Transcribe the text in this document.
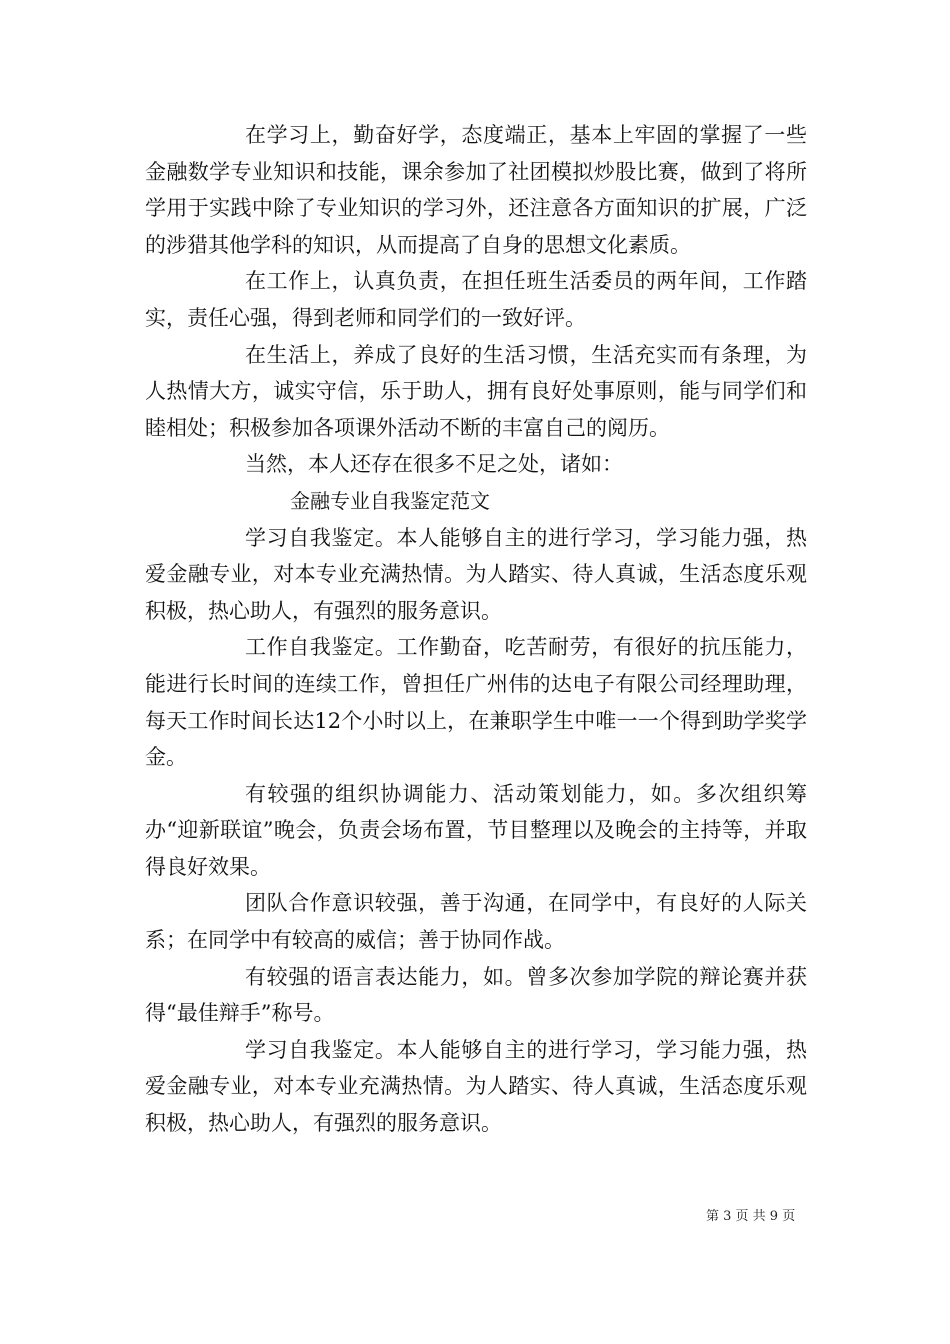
在学习上，勤奋好学，态度端正，基本上牢固的掌握了一些金融数学专业知识和技能，课余参加了社团模拟炒股比赛，做到了将所学用于实践中除了专业知识的学习外，还注意各方面知识的扩展，广泛的涉猎其他学科的知识，从而提高了自身的思想文化素质。

在工作上，认真负责，在担任班生活委员的两年间，工作踏实，责任心强，得到老师和同学们的一致好评。

在生活上，养成了良好的生活习惯，生活充实而有条理，为人热情大方，诚实守信，乐于助人，拥有良好处事原则，能与同学们和睦相处；积极参加各项课外活动不断的丰富自己的阅历。

当然，本人还存在很多不足之处，诸如：

金融专业自我鉴定范文

学习自我鉴定。本人能够自主的进行学习，学习能力强，热爱金融专业，对本专业充满热情。为人踏实、待人真诚，生活态度乐观积极，热心助人，有强烈的服务意识。

工作自我鉴定。工作勤奋，吃苦耐劳，有很好的抗压能力，能进行长时间的连续工作，曾担任广州伟的达电子有限公司经理助理，每天工作时间长达12个小时以上，在兼职学生中唯一一个得到助学奖学金。

有较强的组织协调能力、活动策划能力，如。多次组织筹办“迎新联谊”晚会，负责会场布置，节目整理以及晚会的主持等，并取得良好效果。

团队合作意识较强，善于沟通，在同学中，有良好的人际关系；在同学中有较高的威信；善于协同作战。

有较强的语言表达能力，如。曾多次参加学院的辩论赛并获得“最佳辩手”称号。

学习自我鉴定。本人能够自主的进行学习，学习能力强，热爱金融专业，对本专业充满热情。为人踏实、待人真诚，生活态度乐观积极，热心助人，有强烈的服务意识。

第 3 页 共 9 页
